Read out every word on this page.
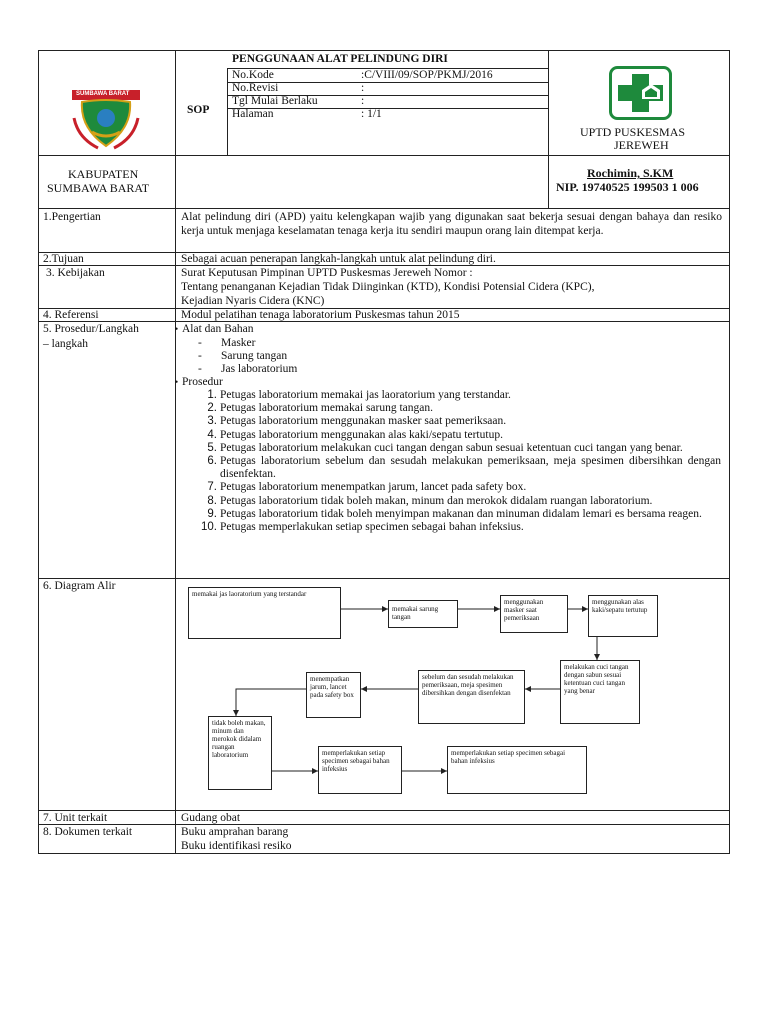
SUMBAWA BARAT
PENGGUNAAN ALAT PELINDUNG DIRI
SOP
No.Kode	:C/VIII/09/SOP/PKMJ/2016
No.Revisi	:
Tgl Mulai Berlaku	:
Halaman	: 1/1
UPTD PUSKESMAS
JEREWEH
KABUPATEN
SUMBAWA BARAT
Rochimin, S.KM
NIP. 19740525 199503 1 006
1.Pengertian	Alat pelindung diri (APD) yaitu kelengkapan wajib yang digunakan saat bekerja sesuai dengan bahaya dan resiko kerja untuk menjaga keselamatan tenaga kerja itu sendiri maupun orang lain ditempat kerja.
2.Tujuan	Sebagai acuan penerapan langkah-langkah untuk alat pelindung diri.
3. Kebijakan	Surat Keputusan Pimpinan UPTD Puskesmas Jereweh Nomor :
Tentang penanganan Kejadian Tidak Diinginkan (KTD), Kondisi Potensial Cidera (KPC),
Kejadian Nyaris Cidera (KNC)
4. Referensi	Modul pelatihan tenaga laboratorium Puskesmas tahun 2015
5. Prosedur/Langkah
– langkah
• Alat dan Bahan
- Masker
- Sarung tangan
- Jas laboratorium
• Prosedur
1. Petugas laboratorium memakai jas laoratorium yang terstandar.
2. Petugas laboratorium memakai sarung tangan.
3. Petugas laboratorium menggunakan masker saat pemeriksaan.
4. Petugas laboratorium menggunakan alas kaki/sepatu tertutup.
5. Petugas laboratorium melakukan cuci tangan dengan sabun sesuai ketentuan cuci tangan yang benar.
6. Petugas laboratorium sebelum dan sesudah melakukan pemeriksaan, meja spesimen dibersihkan dengan disenfektan.
7. Petugas laboratorium menempatkan jarum, lancet pada safety box.
8. Petugas laboratorium tidak boleh makan, minum dan merokok didalam ruangan laboratorium.
9. Petugas laboratorium tidak boleh menyimpan makanan dan minuman didalam lemari es bersama reagen.
10. Petugas memperlakukan setiap specimen sebagai bahan infeksius.
6. Diagram Alir
memakai jas laoratorium yang terstandar
memakai sarung tangan
menggunakan masker saat pemeriksaan
menggunakan alas kaki/sepatu tertutup
melakukan cuci tangan dengan sabun sesuai ketentuan cuci tangan yang benar
sebelum dan sesudah melakukan pemeriksaan, meja spesimen dibersihkan dengan disenfektan
menempatkan jarum, lancet pada safety box
tidak boleh makan, minum dan merokok didalam ruangan laboratorium	memperlakukan setiap specimen sebagai bahan infeksius
memperlakukan setiap specimen sebagai bahan infeksius
7. Unit terkait	Gudang obat
8. Dokumen terkait	Buku amprahan barang
Buku identifikasi resiko
